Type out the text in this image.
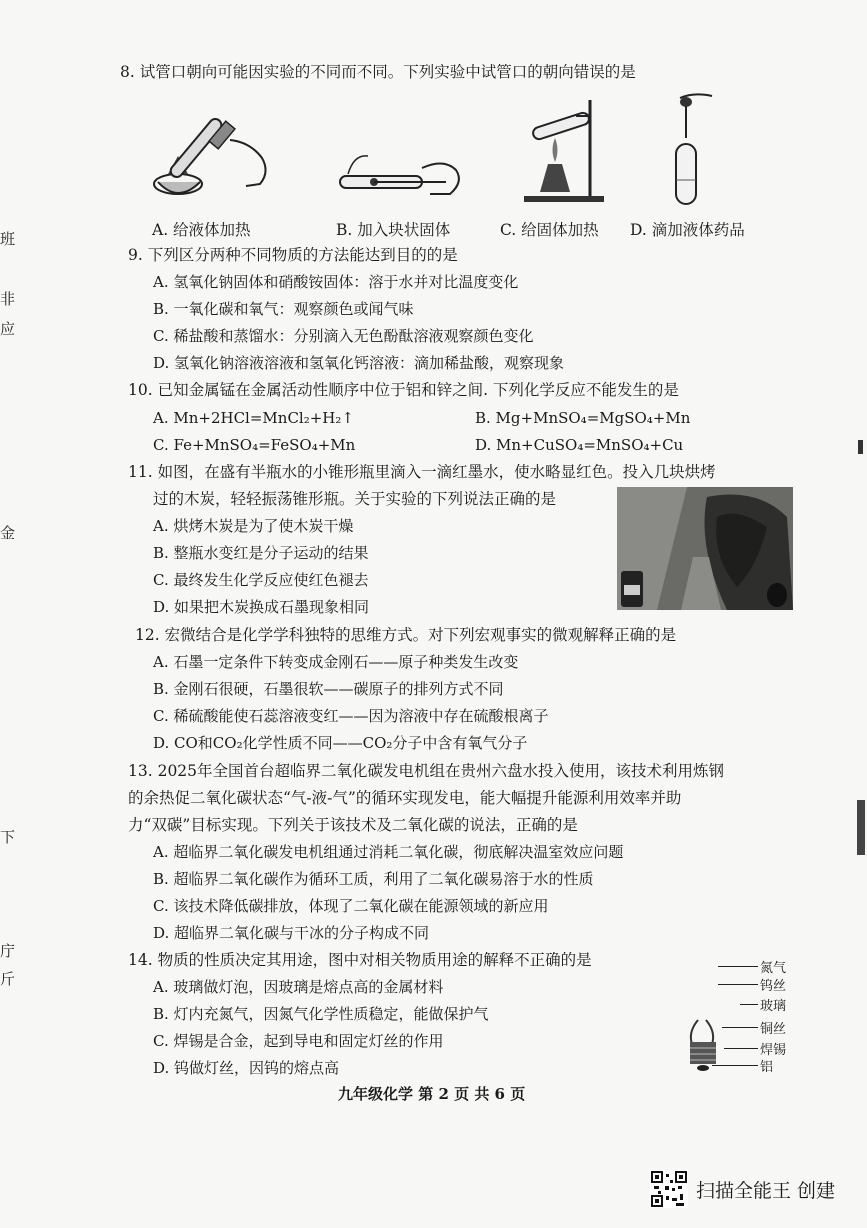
班
非
应
金
下
庁
斤
8. 试管口朝向可能因实验的不同而不同。下列实验中试管口的朝向错误的是
A. 给液体加热	B. 加入块状固体	C. 给固体加热 D. 滴加液体药品
9. 下列区分两种不同物质的方法能达到目的的是
A. 氢氧化钠固体和硝酸铵固体：溶于水并对比温度变化
B. 一氧化碳和氧气：观察颜色或闻气味
C. 稀盐酸和蒸馏水：分别滴入无色酚酞溶液观察颜色变化
D. 氢氧化钠溶液溶液和氢氧化钙溶液：滴加稀盐酸，观察现象
10. 已知金属锰在金属活动性顺序中位于铝和锌之间. 下列化学反应不能发生的是
A. Mn+2HCl=MnCl₂+H₂↑	B. Mg+MnSO₄=MgSO₄+Mn
C. Fe+MnSO₄=FeSO₄+Mn	D. Mn+CuSO₄=MnSO₄+Cu
11. 如图，在盛有半瓶水的小锥形瓶里滴入一滴红墨水，使水略显红色。投入几块烘烤
过的木炭，轻轻振荡锥形瓶。关于实验的下列说法正确的是
A. 烘烤木炭是为了使木炭干燥
B. 整瓶水变红是分子运动的结果
C. 最终发生化学反应使红色褪去
D. 如果把木炭换成石墨现象相同
12. 宏微结合是化学学科独特的思维方式。对下列宏观事实的微观解释正确的是
A. 石墨一定条件下转变成金刚石——原子种类发生改变
B. 金刚石很硬，石墨很软——碳原子的排列方式不同
C. 稀硫酸能使石蕊溶液变红——因为溶液中存在硫酸根离子
D. CO和CO₂化学性质不同——CO₂分子中含有氧气分子
13. 2025年全国首台超临界二氧化碳发电机组在贵州六盘水投入使用，该技术利用炼钢
的余热促二氧化碳状态“气-液-气”的循环实现发电，能大幅提升能源利用效率并助
力“双碳”目标实现。下列关于该技术及二氧化碳的说法，正确的是
A. 超临界二氧化碳发电机组通过消耗二氧化碳，彻底解决温室效应问题
B. 超临界二氧化碳作为循环工质，利用了二氧化碳易溶于水的性质
C. 该技术降低碳排放，体现了二氧化碳在能源领域的新应用
D. 超临界二氧化碳与干冰的分子构成不同
14. 物质的性质决定其用途，图中对相关物质用途的解释不正确的是
A. 玻璃做灯泡，因玻璃是熔点高的金属材料
B. 灯内充氮气，因氮气化学性质稳定，能做保护气
C. 焊锡是合金，起到导电和固定灯丝的作用
D. 钨做灯丝，因钨的熔点高
氮气
钨丝
玻璃
铜丝
焊锡
铝
九年级化学 第 2 页 共 6 页
扫描全能王 创建
